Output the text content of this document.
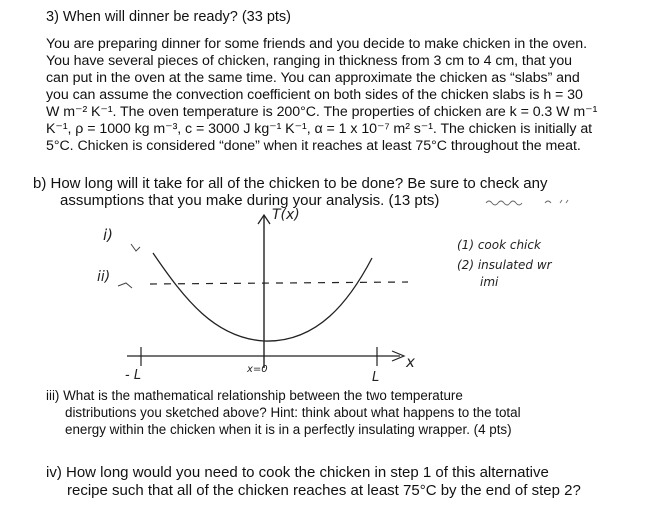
3) When will dinner be ready? (33 pts)
You are preparing dinner for some friends and you decide to make chicken in the oven.
You have several pieces of chicken, ranging in thickness from 3 cm to 4 cm, that you
can put in the oven at the same time. You can approximate the chicken as “slabs” and
you can assume the convection coefficient on both sides of the chicken slabs is h = 30
W m⁻² K⁻¹. The oven temperature is 200°C. The properties of chicken are k = 0.3 W m⁻¹
K⁻¹, ρ = 1000 kg m⁻³, c = 3000 J kg⁻¹ K⁻¹, α = 1 x 10⁻⁷ m² s⁻¹. The chicken is initially at
5°C. Chicken is considered “done” when it reaches at least 75°C throughout the meat.
b) How long will it take for all of the chicken to be done? Be sure to check any
assumptions that you make during your analysis. (13 pts)
i)
ii)
T(x)
x
- L	x=0
L
(1) cook chick
(2) insulated wr
imi
iii) What is the mathematical relationship between the two temperature
distributions you sketched above? Hint: think about what happens to the total
energy within the chicken when it is in a perfectly insulating wrapper. (4 pts)
iv) How long would you need to cook the chicken in step 1 of this alternative
recipe such that all of the chicken reaches at least 75°C by the end of step 2?
